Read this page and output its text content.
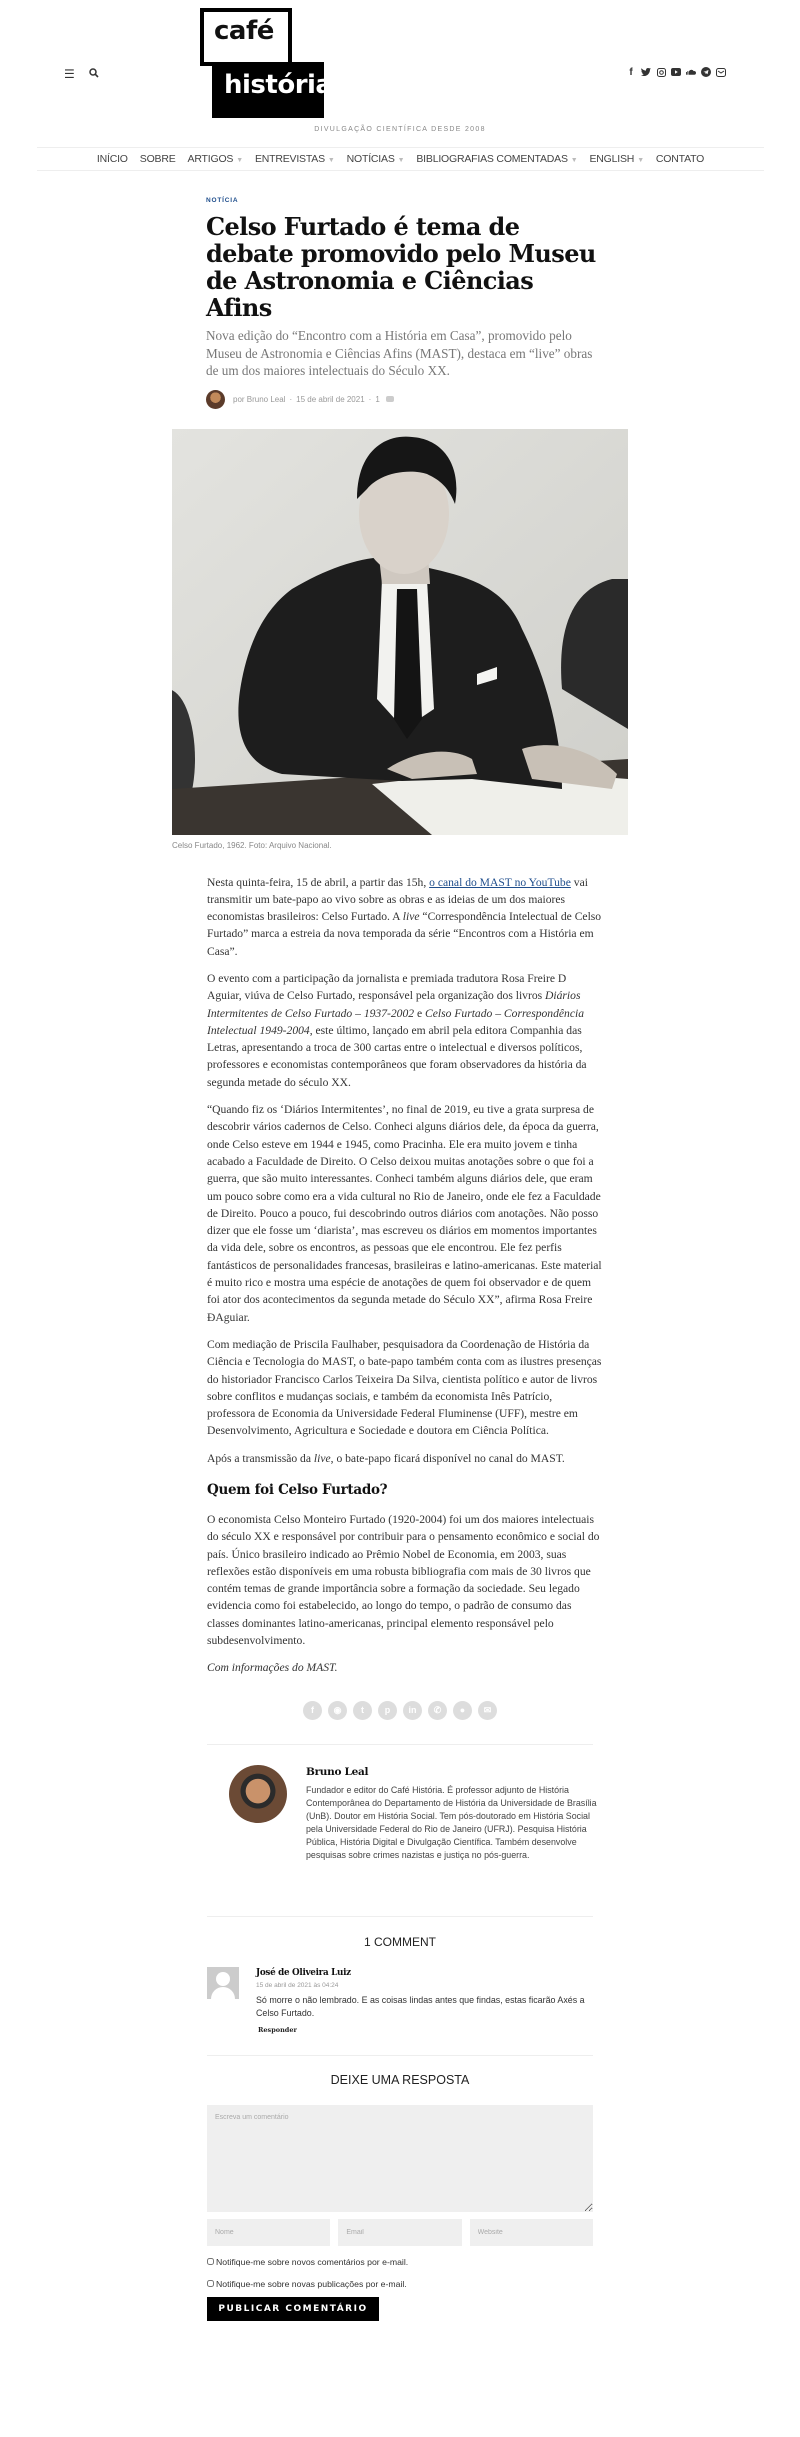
☰
café
história
DIVULGAÇÃO CIENTÍFICA DESDE 2008
f
INÍCIO SOBRE ARTIGOS ▼ ENTREVISTAS ▼ NOTÍCIAS ▼ BIBLIOGRAFIAS COMENTADAS ▼ ENGLISH ▼ CONTATO
NOTÍCIA
Celso Furtado é tema de debate promovido pelo Museu de Astronomia e Ciências Afins
Nova edição do “Encontro com a História em Casa”, promovido pelo Museu de Astronomia e Ciências Afins (MAST), destaca em “live” obras de um dos maiores intelectuais do Século XX.
por Bruno Leal · 15 de abril de 2021 · 1
Celso Furtado, 1962. Foto: Arquivo Nacional.

Nesta quinta-feira, 15 de abril, a partir das 15h, o canal do MAST no YouTube vai transmitir um bate-papo ao vivo sobre as obras e as ideias de um dos maiores economistas brasileiros: Celso Furtado. A live “Correspondência Intelectual de Celso Furtado” marca a estreia da nova temporada da série “Encontros com a História em Casa”.

O evento com a participação da jornalista e premiada tradutora Rosa Freire D Aguiar, viúva de Celso Furtado, responsável pela organização dos livros Diários Intermitentes de Celso Furtado – 1937-2002 e Celso Furtado – Correspondência Intelectual 1949-2004, este último, lançado em abril pela editora Companhia das Letras, apresentando a troca de 300 cartas entre o intelectual e diversos políticos, professores e economistas contemporâneos que foram observadores da história da segunda metade do século XX.

“Quando fiz os ‘Diários Intermitentes’, no final de 2019, eu tive a grata surpresa de descobrir vários cadernos de Celso. Conheci alguns diários dele, da época da guerra, onde Celso esteve em 1944 e 1945, como Pracinha. Ele era muito jovem e tinha acabado a Faculdade de Direito. O Celso deixou muitas anotações sobre o que foi a guerra, que são muito interessantes. Conheci também alguns diários dele, que eram um pouco sobre como era a vida cultural no Rio de Janeiro, onde ele fez a Faculdade de Direito. Pouco a pouco, fui descobrindo outros diários com anotações. Não posso dizer que ele fosse um ‘diarista’, mas escreveu os diários em momentos importantes da vida dele, sobre os encontros, as pessoas que ele encontrou. Ele fez perfis fantásticos de personalidades francesas, brasileiras e latino-americanas. Este material é muito rico e mostra uma espécie de anotações de quem foi observador e de quem foi ator dos acontecimentos da segunda metade do Século XX”, afirma Rosa Freire ÐAguiar.

Com mediação de Priscila Faulhaber, pesquisadora da Coordenação de História da Ciência e Tecnologia do MAST, o bate-papo também conta com as ilustres presenças do historiador Francisco Carlos Teixeira Da Silva, cientista político e autor de livros sobre conflitos e mudanças sociais, e também da economista Inês Patrício, professora de Economia da Universidade Federal Fluminense (UFF), mestre em Desenvolvimento, Agricultura e Sociedade e doutora em Ciência Política.

Após a transmissão da live, o bate-papo ficará disponível no canal do MAST.

Quem foi Celso Furtado?

O economista Celso Monteiro Furtado (1920-2004) foi um dos maiores intelectuais do século XX e responsável por contribuir para o pensamento econômico e social do país. Único brasileiro indicado ao Prêmio Nobel de Economia, em 2003, suas reflexões estão disponíveis em uma robusta bibliografia com mais de 30 livros que contém temas de grande importância sobre a formação da sociedade. Seu legado evidencia como foi estabelecido, ao longo do tempo, o padrão de consumo das classes dominantes latino-americanas, principal elemento responsável pelo subdesenvolvimento.

Com informações do MAST.

f	◉	t	p	in	✆	●	✉
Bruno Leal
Fundador e editor do Café História. É professor adjunto de História Contemporânea do Departamento de História da Universidade de Brasília (UnB). Doutor em História Social. Tem pós-doutorado em História Social pela Universidade Federal do Rio de Janeiro (UFRJ). Pesquisa História Pública, História Digital e Divulgação Científica. Também desenvolve pesquisas sobre crimes nazistas e justiça no pós-guerra.
1 COMMENT
José de Oliveira Luiz
15 de abril de 2021 às 04:24
Só morre o não lembrado. E as coisas lindas antes que findas, estas ficarão Axés a Celso Furtado.
Responder
DEIXE UMA RESPOSTA
Escreva um comentário
Nome
Email
Website
Notifique-me sobre novos comentários por e-mail.
Notifique-me sobre novas publicações por e-mail.
PUBLICAR COMENTÁRIO
